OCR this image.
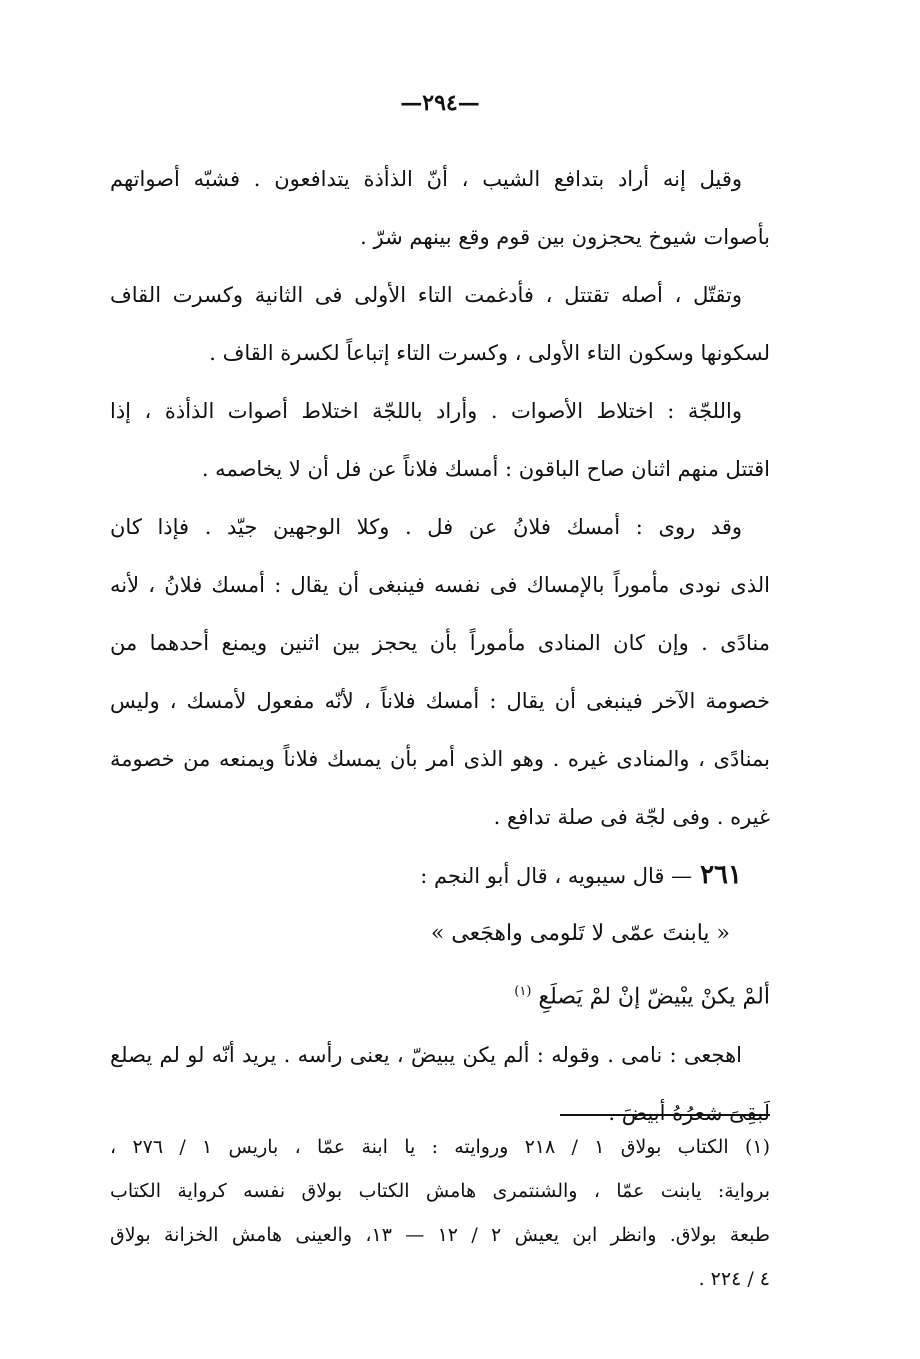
—٢٩٤—
وقيل إنه أراد بتدافع الشيب ، أنّ الذأذة يتدافعون . فشبّه أصواتهم
بأصوات شيوخ يحجزون بين قوم وقع بينهم شرّ .
وتقتّل ، أصله تقتتل ، فأدغمت التاء الأولى فى الثانية وكسرت القاف
لسكونها وسكون التاء الأولى ، وكسرت التاء إتباعاً لكسرة القاف .
واللجّة : اختلاط الأصوات . وأراد باللجّة اختلاط أصوات الذأذة ، إذا
اقتتل منهم اثنان صاح الباقون : أمسك فلاناً عن فل أن لا يخاصمه .
وقد روى : أمسك فلانُ عن فل . وكلا الوجهين جيّد . فإذا كان
الذى نودى مأموراً بالإمساك فى نفسه فينبغى أن يقال : أمسك فلانُ ، لأنه
منادًى . وإن كان المنادى مأموراً بأن يحجز بين اثنين ويمنع أحدهما من
خصومة الآخر فينبغى أن يقال : أمسك فلاناً ، لأنّه مفعول لأمسك ، وليس
بمنادًى ، والمنادى غيره . وهو الذى أمر بأن يمسك فلاناً ويمنعه من خصومة
غيره . وفى لجّة فى صلة تدافع .
٢٦١— قال سيبويه ، قال أبو النجم :
« يابنتَ عمّى لا تَلومى واهجَعى »
ألمْ يكنْ يبْيضّ إنْ لمْ يَصلَعِ $^{(١)}$
اهجعى : نامى . وقوله : ألم يكن يبيضّ ، يعنى رأسه . يريد أنّه لو لم يصلع
لَبقِىَ شعرُهُ أبيضَ .
(١) الكتاب بولاق ١ / ٢١٨ وروايته : يا ابنة عمّا ، باريس ١ / ٢٧٦ ،
برواية: يابنت عمّا ، والشنتمرى هامش الكتاب بولاق نفسه كرواية الكتاب
طبعة بولاق. وانظر ابن يعيش ٢ / ١٢ — ١٣، والعينى هامش الخزانة بولاق
٤ / ٢٢٤ .
